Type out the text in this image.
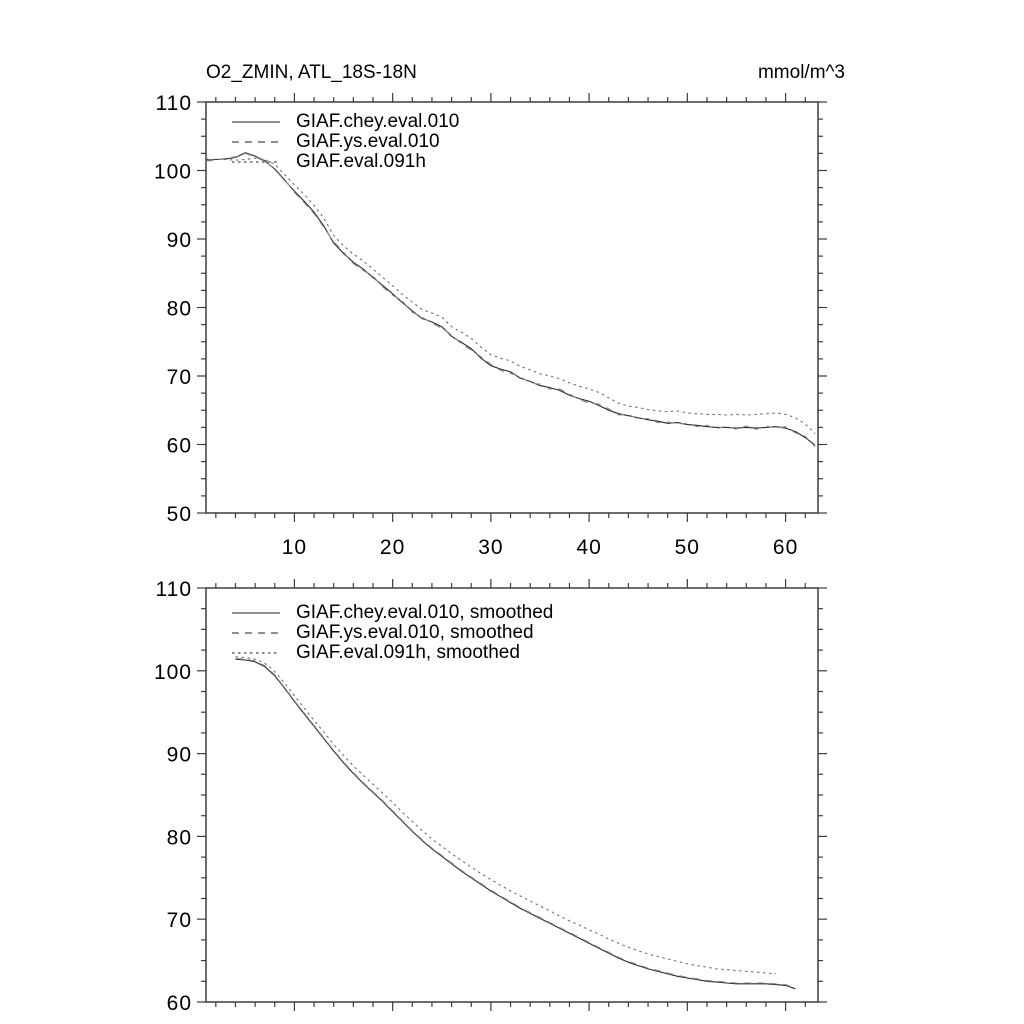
10	20	30	40	50	60
50
60
70
80
90
100
110
60
70
80
90
100
110
O2_ZMIN, ATL_18S-18N	mmol/m^3
GIAF.chey.eval.010
GIAF.ys.eval.010
GIAF.eval.091h
GIAF.chey.eval.010, smoothed
GIAF.ys.eval.010, smoothed
GIAF.eval.091h, smoothed
